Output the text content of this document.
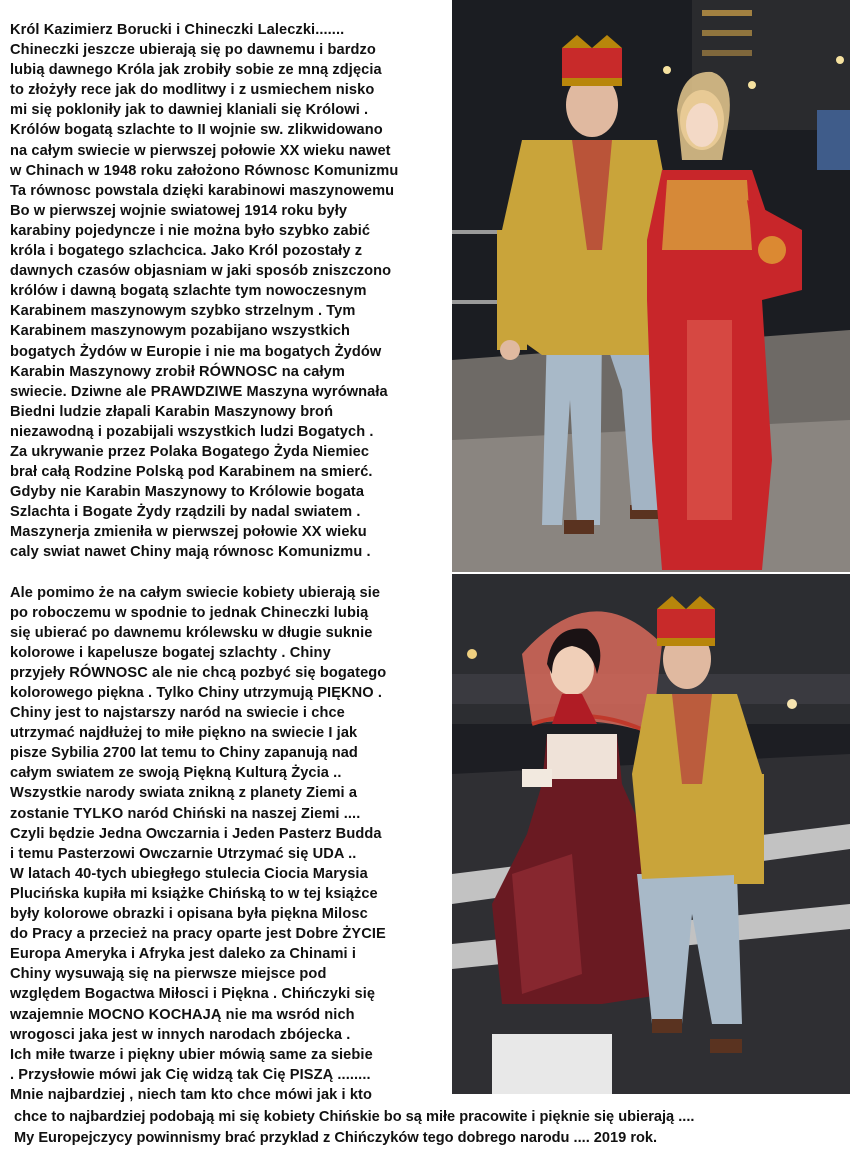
Król Kazimierz Borucki i Chineczki Laleczki.......
Chineczki jeszcze ubierają się po dawnemu i bardzo
lubią dawnego Króla jak zrobiły sobie ze mną zdjęcia
to złożyły rece jak do modlitwy i z usmiechem nisko
mi się pokloniły jak to dawniej klaniali się Królowi .
Królów bogatą szlachte to II wojnie sw. zlikwidowano
na całym swiecie w pierwszej połowie XX wieku nawet
w Chinach w 1948 roku założono Równosc Komunizmu
Ta równosc powstala dzięki karabinowi maszynowemu
Bo w pierwszej wojnie swiatowej 1914 roku były
karabiny pojedyncze i nie można było szybko zabić
króla i bogatego szlachcica. Jako Król pozostały z
dawnych czasów objasniam w jaki sposób zniszczono
królów i dawną bogatą szlachte tym nowoczesnym
Karabinem maszynowym szybko strzelnym . Tym
Karabinem maszynowym pozabijano wszystkich
bogatych Żydów w Europie i nie ma bogatych Żydów
Karabin Maszynowy zrobił RÓWNOSC na całym
swiecie. Dziwne ale PRAWDZIWE Maszyna wyrównała
Biedni ludzie złapali Karabin Maszynowy broń
niezawodną i pozabijali wszystkich ludzi Bogatych .
Za ukrywanie przez Polaka Bogatego Żyda Niemiec
brał całą Rodzine Polską pod Karabinem na smierć.
Gdyby nie Karabin Maszynowy to Królowie bogata
Szlachta i Bogate Żydy rządzili by nadal swiatem .
Maszynerja zmieniła w pierwszej połowie XX wieku
caly swiat nawet Chiny mają równosc Komunizmu .
Ale pomimo że na całym swiecie kobiety ubierają sie
po roboczemu w spodnie to jednak Chineczki lubią
się ubierać po dawnemu królewsku w długie suknie
kolorowe i kapelusze bogatej szlachty . Chiny
przyjeły RÓWNOSC ale nie chcą pozbyć się bogatego
kolorowego piękna . Tylko Chiny utrzymują PIĘKNO .
Chiny jest to najstarszy naród na swiecie i chce
utrzymać najdłużej to miłe piękno na swiecie I jak
pisze Sybilia 2700 lat temu to Chiny zapanują nad
całym swiatem ze swoją Piękną Kulturą Życia ..
Wszystkie narody swiata znikną z planety Ziemi a
zostanie TYLKO naród Chiński na naszej Ziemi ....
Czyli będzie Jedna Owczarnia i Jeden Pasterz Budda
i temu Pasterzowi Owczarnie Utrzymać się UDA ..
W latach 40-tych ubiegłego stulecia Ciocia Marysia
Plucińska kupiła mi książke Chińską to w tej książce
były kolorowe obrazki i opisana była piękna Milosc
do Pracy a przecież na pracy oparte jest Dobre ŻYCIE
Europa Ameryka i Afryka jest daleko za Chinami i
Chiny wysuwają się na pierwsze miejsce pod
względem Bogactwa Miłosci i Piękna . Chińczyki się
wzajemnie MOCNO KOCHAJĄ nie ma wsród nich
wrogosci jaka jest w innych narodach zbójecka .
Ich miłe twarze i piękny ubier mówią same za siebie
. Przysłowie mówi jak Cię widzą tak Cię PISZĄ ........
Mnie najbardziej , niech tam kto chce mówi jak i kto
chce to najbardziej podobają mi się kobiety Chińskie bo są miłe pracowite i pięknie się ubierają ....
My Europejczycy powinnismy brać przyklad z Chińczyków tego dobrego narodu .... 2019 rok.
